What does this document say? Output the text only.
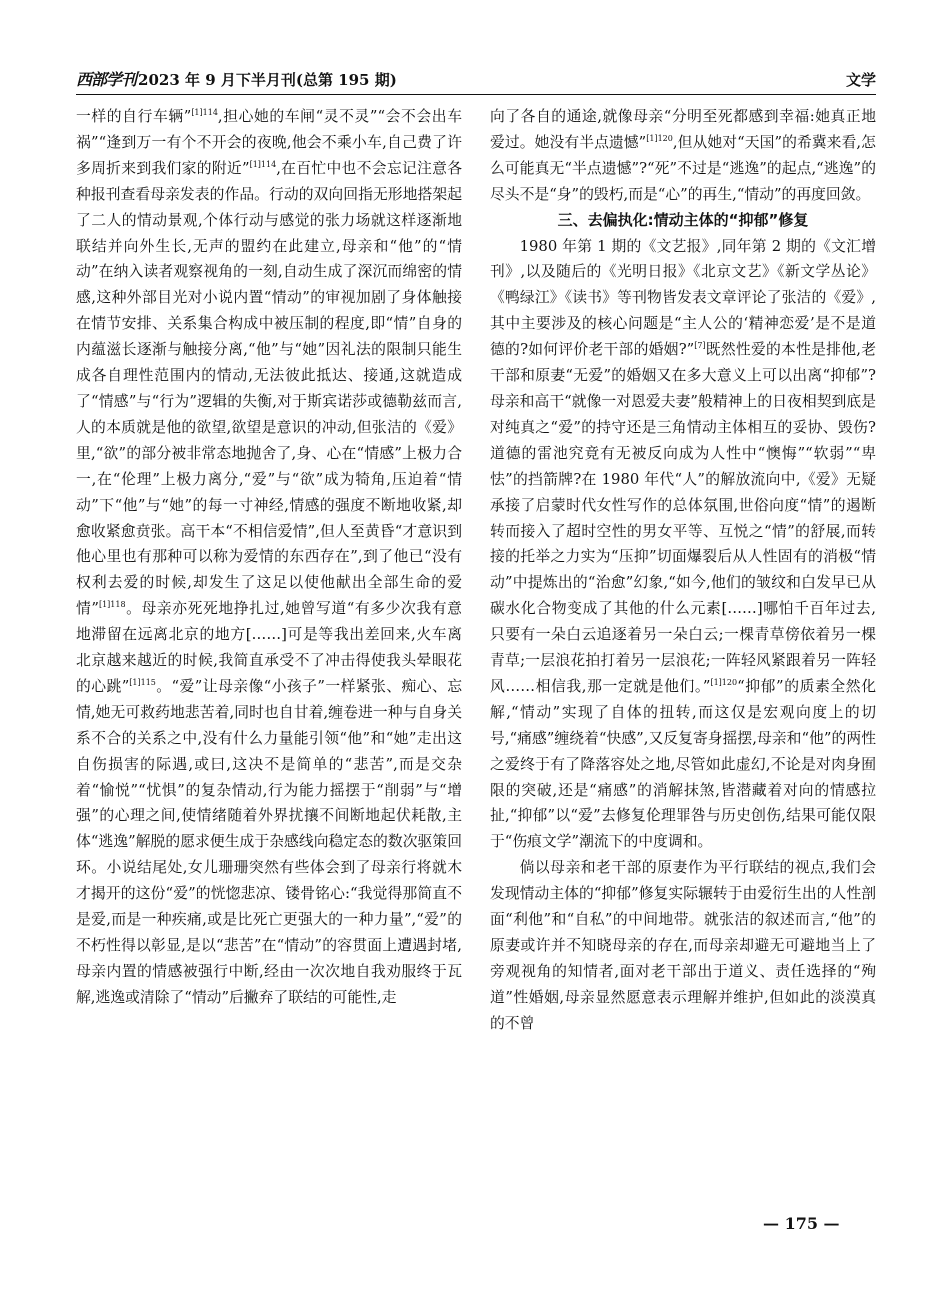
西部学刊 2023 年 9 月下半月刊(总第 195 期)	文学

一样的自行车辆”$^{[1]114}$,担心她的车闸“灵不灵”“会不会出车祸”“逢到万一有个不开会的夜晚,他会不乘小车,自己费了许多周折来到我们家的附近”$^{[1]114}$,在百忙中也不会忘记注意各种报刊查看母亲发表的作品。行动的双向回指无形地搭架起了二人的情动景观,个体行动与感觉的张力场就这样逐渐地联结并向外生长,无声的盟约在此建立,母亲和“他”的“情动”在纳入读者观察视角的一刻,自动生成了深沉而绵密的情感,这种外部目光对小说内置“情动”的审视加剧了身体触接在情节安排、关系集合构成中被压制的程度,即“情”自身的内蕴滋长逐渐与触接分离,“他”与“她”因礼法的限制只能生成各自理性范围内的情动,无法彼此抵达、接通,这就造成了“情感”与“行为”逻辑的失衡,对于斯宾诺莎或德勒兹而言,人的本质就是他的欲望,欲望是意识的冲动,但张洁的《爱》里,“欲”的部分被非常态地抛舍了,身、心在“情感”上极力合一,在“伦理”上极力离分,“爱”与“欲”成为犄角,压迫着“情动”下“他”与“她”的每一寸神经,情感的强度不断地收紧,却愈收紧愈贲张。高干本“不相信爱情”,但人至黄昏“才意识到他心里也有那种可以称为爱情的东西存在”,到了他已“没有权利去爱的时候,却发生了这足以使他献出全部生命的爱情”$^{[1]118}$。母亲亦死死地挣扎过,她曾写道“有多少次我有意地滞留在远离北京的地方[……]可是等我出差回来,火车离北京越来越近的时候,我简直承受不了冲击得使我头晕眼花的心跳”$^{[1]115}$。“爱”让母亲像“小孩子”一样紧张、痴心、忘情,她无可救药地悲苦着,同时也自甘着,缠卷进一种与自身关系不合的关系之中,没有什么力量能引领“他”和“她”走出这自伤损害的际遇,或曰,这决不是简单的“悲苦”,而是交杂着“愉悦”“忧惧”的复杂情动,行为能力摇摆于“削弱”与“增强”的心理之间,使情绪随着外界扰攘不间断地起伏耗散,主体“逃逸”解脱的愿求便生成于杂感线向稳定态的数次驱策回环。小说结尾处,女儿珊珊突然有些体会到了母亲行将就木才揭开的这份“爱”的恍惚悲凉、镂骨铭心:“我觉得那简直不是爱,而是一种疾痛,或是比死亡更强大的一种力量”,“爱”的不朽性得以彰显,是以“悲苦”在“情动”的容贯面上遭遇封堵,母亲内置的情感被强行中断,经由一次次地自我劝服终于瓦解,逃逸或清除了“情动”后撇弃了联结的可能性,走

向了各自的通途,就像母亲“分明至死都感到幸福:她真正地爱过。她没有半点遗憾”$^{[1]120}$,但从她对“天国”的希冀来看,怎么可能真无“半点遗憾”?“死”不过是“逃逸”的起点,“逃逸”的尽头不是“身”的毁朽,而是“心”的再生,“情动”的再度回敛。

三、去偏执化:情动主体的“抑郁”修复

1980 年第 1 期的《文艺报》,同年第 2 期的《文汇增刊》,以及随后的《光明日报》《北京文艺》《新文学丛论》《鸭绿江》《读书》等刊物皆发表文章评论了张洁的《爱》,其中主要涉及的核心问题是“主人公的‘精神恋爱’是不是道德的?如何评价老干部的婚姻?”[7]既然性爱的本性是排他,老干部和原妻“无爱”的婚姻又在多大意义上可以出离“抑郁”?母亲和高干“就像一对恩爱夫妻”般精神上的日夜相契到底是对纯真之“爱”的持守还是三角情动主体相互的妥协、毁伤?道德的雷池究竟有无被反向成为人性中“懊悔”“软弱”“卑怯”的挡箭牌?在 1980 年代“人”的解放流向中,《爱》无疑承接了启蒙时代女性写作的总体氛围,世俗向度“情”的遏断转而接入了超时空性的男女平等、互悦之“情”的舒展,而转接的托举之力实为“压抑”切面爆裂后从人性固有的消极“情动”中提炼出的“治愈”幻象,“如今,他们的皱纹和白发早已从碳水化合物变成了其他的什么元素[……]哪怕千百年过去,只要有一朵白云追逐着另一朵白云;一棵青草傍依着另一棵青草;一层浪花拍打着另一层浪花;一阵轻风紧跟着另一阵轻风……相信我,那一定就是他们。”$^{[1]120}$“抑郁”的质素全然化解,“情动”实现了自体的扭转,而这仅是宏观向度上的切号,“痛感”缠绕着“快感”,又反复寄身摇摆,母亲和“他”的两性之爱终于有了降落容处之地,尽管如此虚幻,不论是对肉身囿限的突破,还是“痛感”的消解抹煞,皆潜藏着对向的情感拉扯,“抑郁”以“爱”去修复伦理罪咎与历史创伤,结果可能仅限于“伤痕文学”潮流下的中度调和。

倘以母亲和老干部的原妻作为平行联结的视点,我们会发现情动主体的“抑郁”修复实际辗转于由爱衍生出的人性剖面“利他”和“自私”的中间地带。就张洁的叙述而言,“他”的原妻或许并不知晓母亲的存在,而母亲却避无可避地当上了旁观视角的知情者,面对老干部出于道义、责任选择的“殉道”性婚姻,母亲显然愿意表示理解并维护,但如此的淡漠真的不曾

— 175 —
